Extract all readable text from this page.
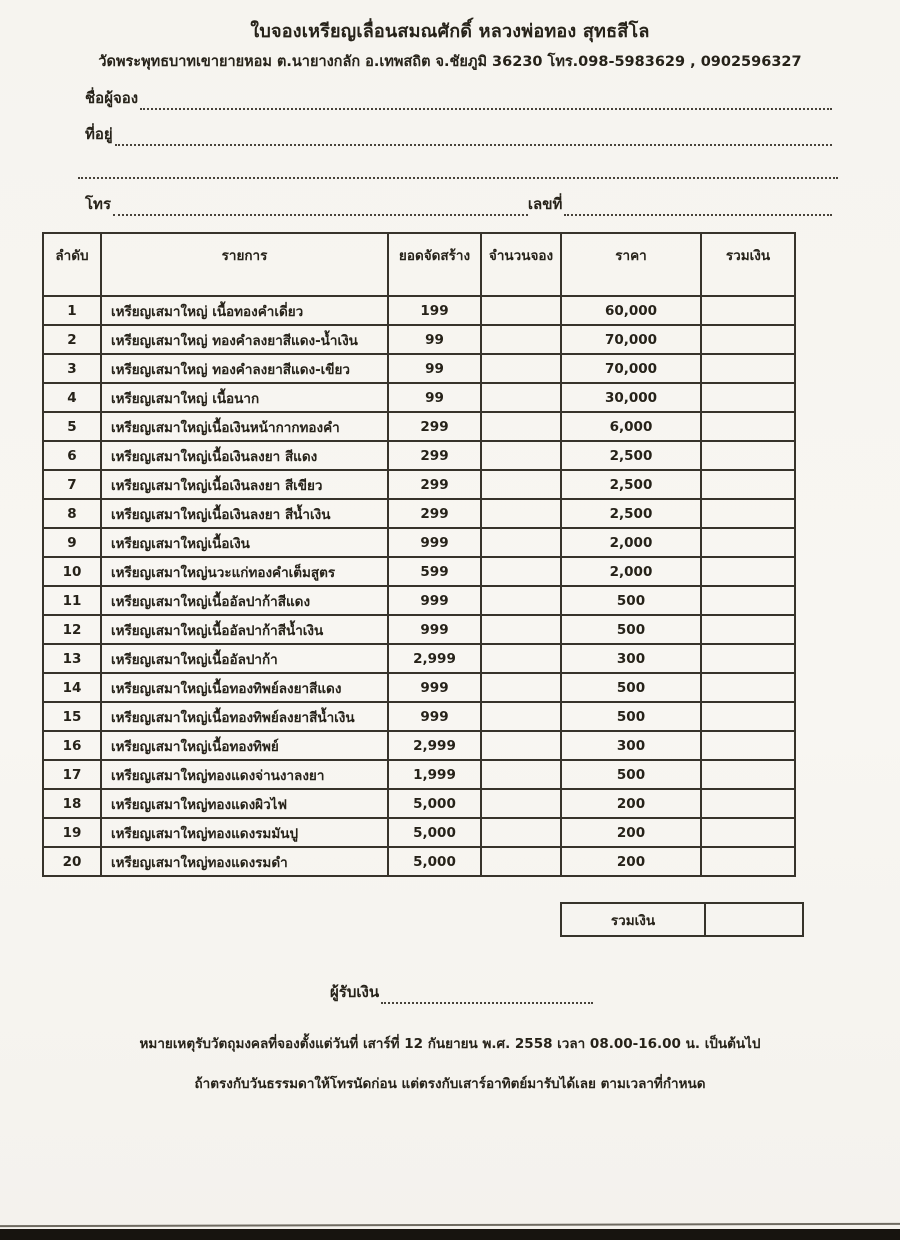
ใบจองเหรียญเลื่อนสมณศักดิ์ หลวงพ่อทอง สุทธสีโล
วัดพระพุทธบาทเขายายหอม ต.นายางกลัก อ.เทพสถิต จ.ชัยภูมิ 36230 โทร.098-5983629 , 0902596327
ชื่อผู้จอง
ที่อยู่
โทร	เลขที่
ลำดับ	รายการ	ยอดจัดสร้าง	จำนวนจอง	ราคา	รวมเงิน
1	เหรียญเสมาใหญ่ เนื้อทองคำเดี่ยว	199		60,000	
2	เหรียญเสมาใหญ่ ทองคำลงยาสีแดง-น้ำเงิน	99		70,000	
3	เหรียญเสมาใหญ่ ทองคำลงยาสีแดง-เขียว	99		70,000	
4	เหรียญเสมาใหญ่ เนื้อนาก	99		30,000	
5	เหรียญเสมาใหญ่เนื้อเงินหน้ากากทองคำ	299		6,000	
6	เหรียญเสมาใหญ่เนื้อเงินลงยา สีแดง	299		2,500	
7	เหรียญเสมาใหญ่เนื้อเงินลงยา สีเขียว	299		2,500	
8	เหรียญเสมาใหญ่เนื้อเงินลงยา สีน้ำเงิน	299		2,500	
9	เหรียญเสมาใหญ่เนื้อเงิน	999		2,000	
10	เหรียญเสมาใหญ่นวะแก่ทองคำเต็มสูตร	599		2,000	
11	เหรียญเสมาใหญ่เนื้ออัลปาก้าสีแดง	999		500	
12	เหรียญเสมาใหญ่เนื้ออัลปาก้าสีน้ำเงิน	999		500	
13	เหรียญเสมาใหญ่เนื้ออัลปาก้า	2,999		300	
14	เหรียญเสมาใหญ่เนื้อทองทิพย์ลงยาสีแดง	999		500	
15	เหรียญเสมาใหญ่เนื้อทองทิพย์ลงยาสีน้ำเงิน	999		500	
16	เหรียญเสมาใหญ่เนื้อทองทิพย์	2,999		300	
17	เหรียญเสมาใหญ่ทองแดงจ่านงาลงยา	1,999		500	
18	เหรียญเสมาใหญ่ทองแดงผิวไฟ	5,000		200	
19	เหรียญเสมาใหญ่ทองแดงรมมันปู	5,000		200	
20	เหรียญเสมาใหญ่ทองแดงรมดำ	5,000		200	
รวมเงิน	
ผู้รับเงิน
หมายเหตุรับวัตถุมงคลที่จองตั้งแต่วันที่ เสาร์ที่ 12 กันยายน พ.ศ. 2558 เวลา 08.00-16.00 น. เป็นต้นไป
ถ้าตรงกับวันธรรมดาให้โทรนัดก่อน แต่ตรงกับเสาร์อาทิตย์มารับได้เลย ตามเวลาที่กำหนด
